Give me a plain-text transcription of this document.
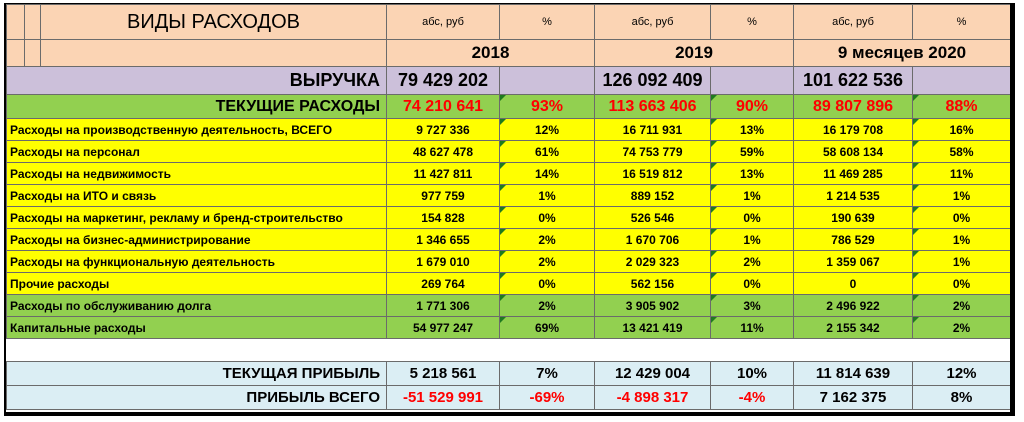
		ВИДЫ РАСХОДОВ	абс, руб	%	абс, руб	%	абс, руб	%
			2018		2019		9 месяцев 2020	
ВЫРУЧКА			79 429 202		126 092 409		101 622 536	
ТЕКУЩИЕ РАСХОДЫ			74 210 641	93%	113 663 406	90%	89 807 896	88%
Расходы на производственную деятельность, ВСЕГО			9 727 336	12%	16 711 931	13%	16 179 708	16%
Расходы на персонал			48 627 478	61%	74 753 779	59%	58 608 134	58%
Расходы на недвижимость			11 427 811	14%	16 519 812	13%	11 469 285	11%
Расходы на ИТО и связь			977 759	1%	889 152	1%	1 214 535	1%
Расходы на маркетинг, рекламу и бренд-строительство			154 828	0%	526 546	0%	190 639	0%
Расходы на бизнес-администрирование			1 346 655	2%	1 670 706	1%	786 529	1%
Расходы на функциональную деятельность			1 679 010	2%	2 029 323	2%	1 359 067	1%
Прочие расходы			269 764	0%	562 156	0%	0	0%
Расходы по обслуживанию долга			1 771 306	2%	3 905 902	3%	2 496 922	2%
Капитальные расходы			54 977 247	69%	13 421 419	11%	2 155 342	2%

ТЕКУЩАЯ ПРИБЫЛЬ			5 218 561	7%	12 429 004	10%	11 814 639	12%
ПРИБЫЛЬ ВСЕГО			-51 529 991	-69%	-4 898 317	-4%	7 162 375	8%
